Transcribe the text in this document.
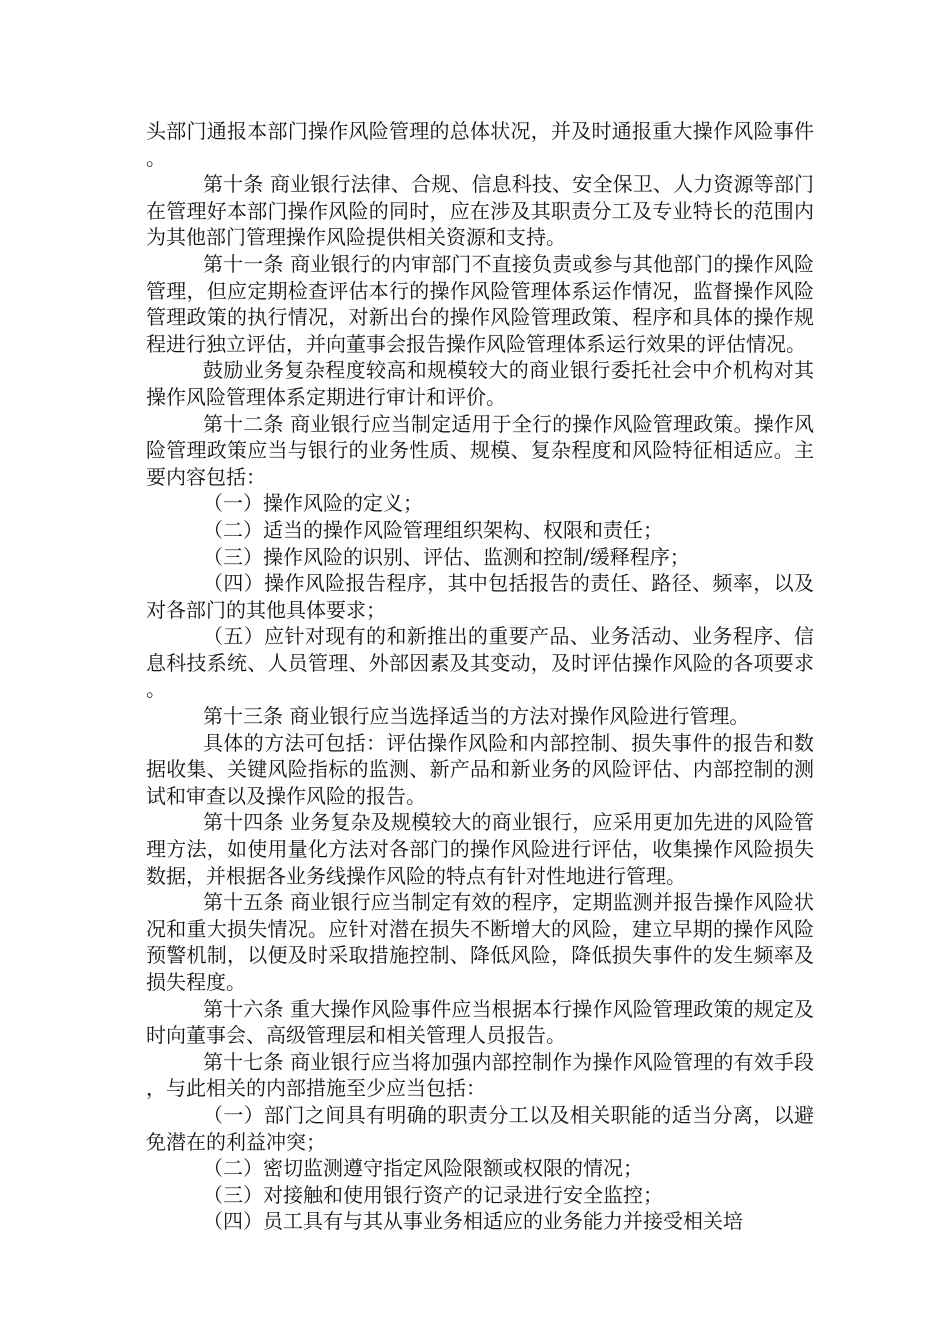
头部门通报本部门操作风险管理的总体状况，并及时通报重大操作风险事件。

第十条 商业银行法律、合规、信息科技、安全保卫、人力资源等部门在管理好本部门操作风险的同时，应在涉及其职责分工及专业特长的范围内为其他部门管理操作风险提供相关资源和支持。

第十一条 商业银行的内审部门不直接负责或参与其他部门的操作风险管理，但应定期检查评估本行的操作风险管理体系运作情况，监督操作风险管理政策的执行情况，对新出台的操作风险管理政策、程序和具体的操作规程进行独立评估，并向董事会报告操作风险管理体系运行效果的评估情况。

鼓励业务复杂程度较高和规模较大的商业银行委托社会中介机构对其操作风险管理体系定期进行审计和评价。

第十二条 商业银行应当制定适用于全行的操作风险管理政策。操作风险管理政策应当与银行的业务性质、规模、复杂程度和风险特征相适应。主要内容包括：

（一）操作风险的定义；

（二）适当的操作风险管理组织架构、权限和责任；

（三）操作风险的识别、评估、监测和控制/缓释程序；

（四）操作风险报告程序，其中包括报告的责任、路径、频率，以及对各部门的其他具体要求；

（五）应针对现有的和新推出的重要产品、业务活动、业务程序、信息科技系统、人员管理、外部因素及其变动，及时评估操作风险的各项要求。

第十三条 商业银行应当选择适当的方法对操作风险进行管理。

具体的方法可包括：评估操作风险和内部控制、损失事件的报告和数据收集、关键风险指标的监测、新产品和新业务的风险评估、内部控制的测试和审查以及操作风险的报告。

第十四条 业务复杂及规模较大的商业银行，应采用更加先进的风险管理方法，如使用量化方法对各部门的操作风险进行评估，收集操作风险损失数据，并根据各业务线操作风险的特点有针对性地进行管理。

第十五条 商业银行应当制定有效的程序，定期监测并报告操作风险状况和重大损失情况。应针对潜在损失不断增大的风险，建立早期的操作风险预警机制，以便及时采取措施控制、降低风险，降低损失事件的发生频率及损失程度。

第十六条 重大操作风险事件应当根据本行操作风险管理政策的规定及时向董事会、高级管理层和相关管理人员报告。

第十七条 商业银行应当将加强内部控制作为操作风险管理的有效手段，与此相关的内部措施至少应当包括：

（一）部门之间具有明确的职责分工以及相关职能的适当分离，以避免潜在的利益冲突；

（二）密切监测遵守指定风险限额或权限的情况；

（三）对接触和使用银行资产的记录进行安全监控；

（四）员工具有与其从事业务相适应的业务能力并接受相关培
